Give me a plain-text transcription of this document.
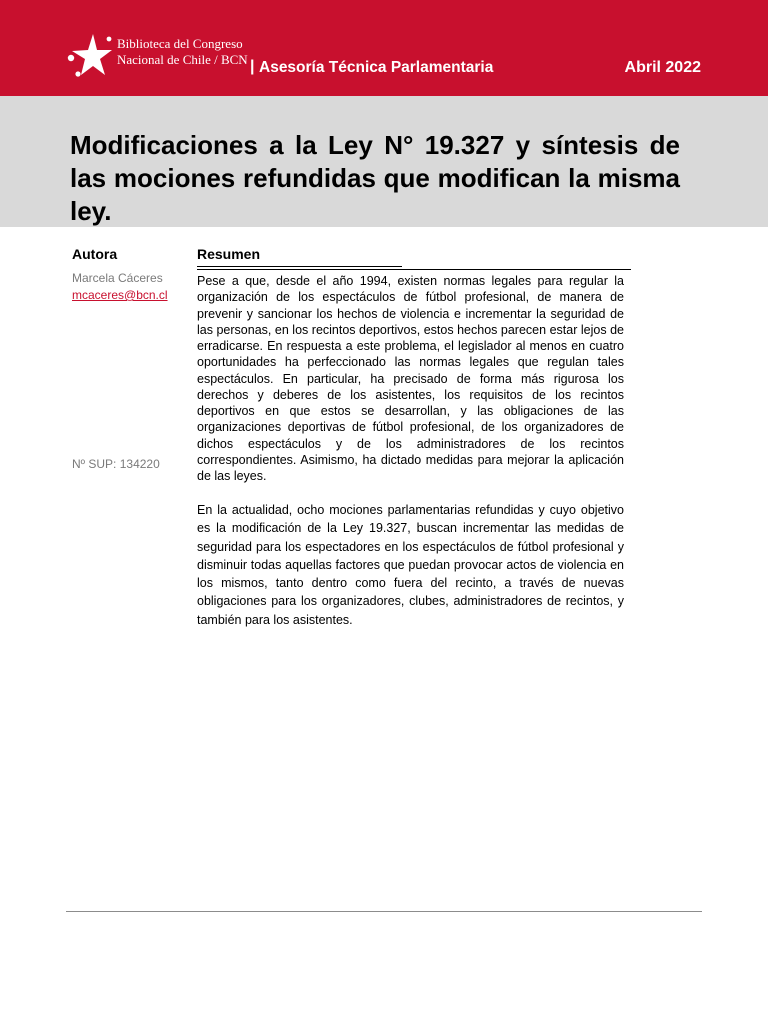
Biblioteca del Congreso
Nacional de Chile / BCN | Asesoría Técnica Parlamentaria	Abril 2022
Modificaciones a la Ley N° 19.327 y síntesis de las mociones refundidas que modifican la misma ley.
Autora	Resumen
Marcela Cáceres
mcaceres@bcn.cl
Nº SUP: 134220

Pese a que, desde el año 1994, existen normas legales para regular la organización de los espectáculos de fútbol profesional, de manera de prevenir y sancionar los hechos de violencia e incrementar la seguridad de las personas, en los recintos deportivos, estos hechos parecen estar lejos de erradicarse. En respuesta a este problema, el legislador al menos en cuatro oportunidades ha perfeccionado las normas legales que regulan tales espectáculos. En particular, ha precisado de forma más rigurosa los derechos y deberes de los asistentes, los requisitos de los recintos deportivos en que estos se desarrollan, y las obligaciones de las organizaciones deportivas de fútbol profesional, de los organizadores de dichos espectáculos y de los administradores de los recintos correspondientes. Asimismo, ha dictado medidas para mejorar la aplicación de las leyes.

En la actualidad, ocho mociones parlamentarias refundidas y cuyo objetivo es la modificación de la Ley 19.327, buscan incrementar las medidas de seguridad para los espectadores en los espectáculos de fútbol profesional y disminuir todas aquellas factores que puedan provocar actos de violencia en los mismos, tanto dentro como fuera del recinto, a través de nuevas obligaciones para los organizadores, clubes, administradores de recintos, y también para los asistentes.
